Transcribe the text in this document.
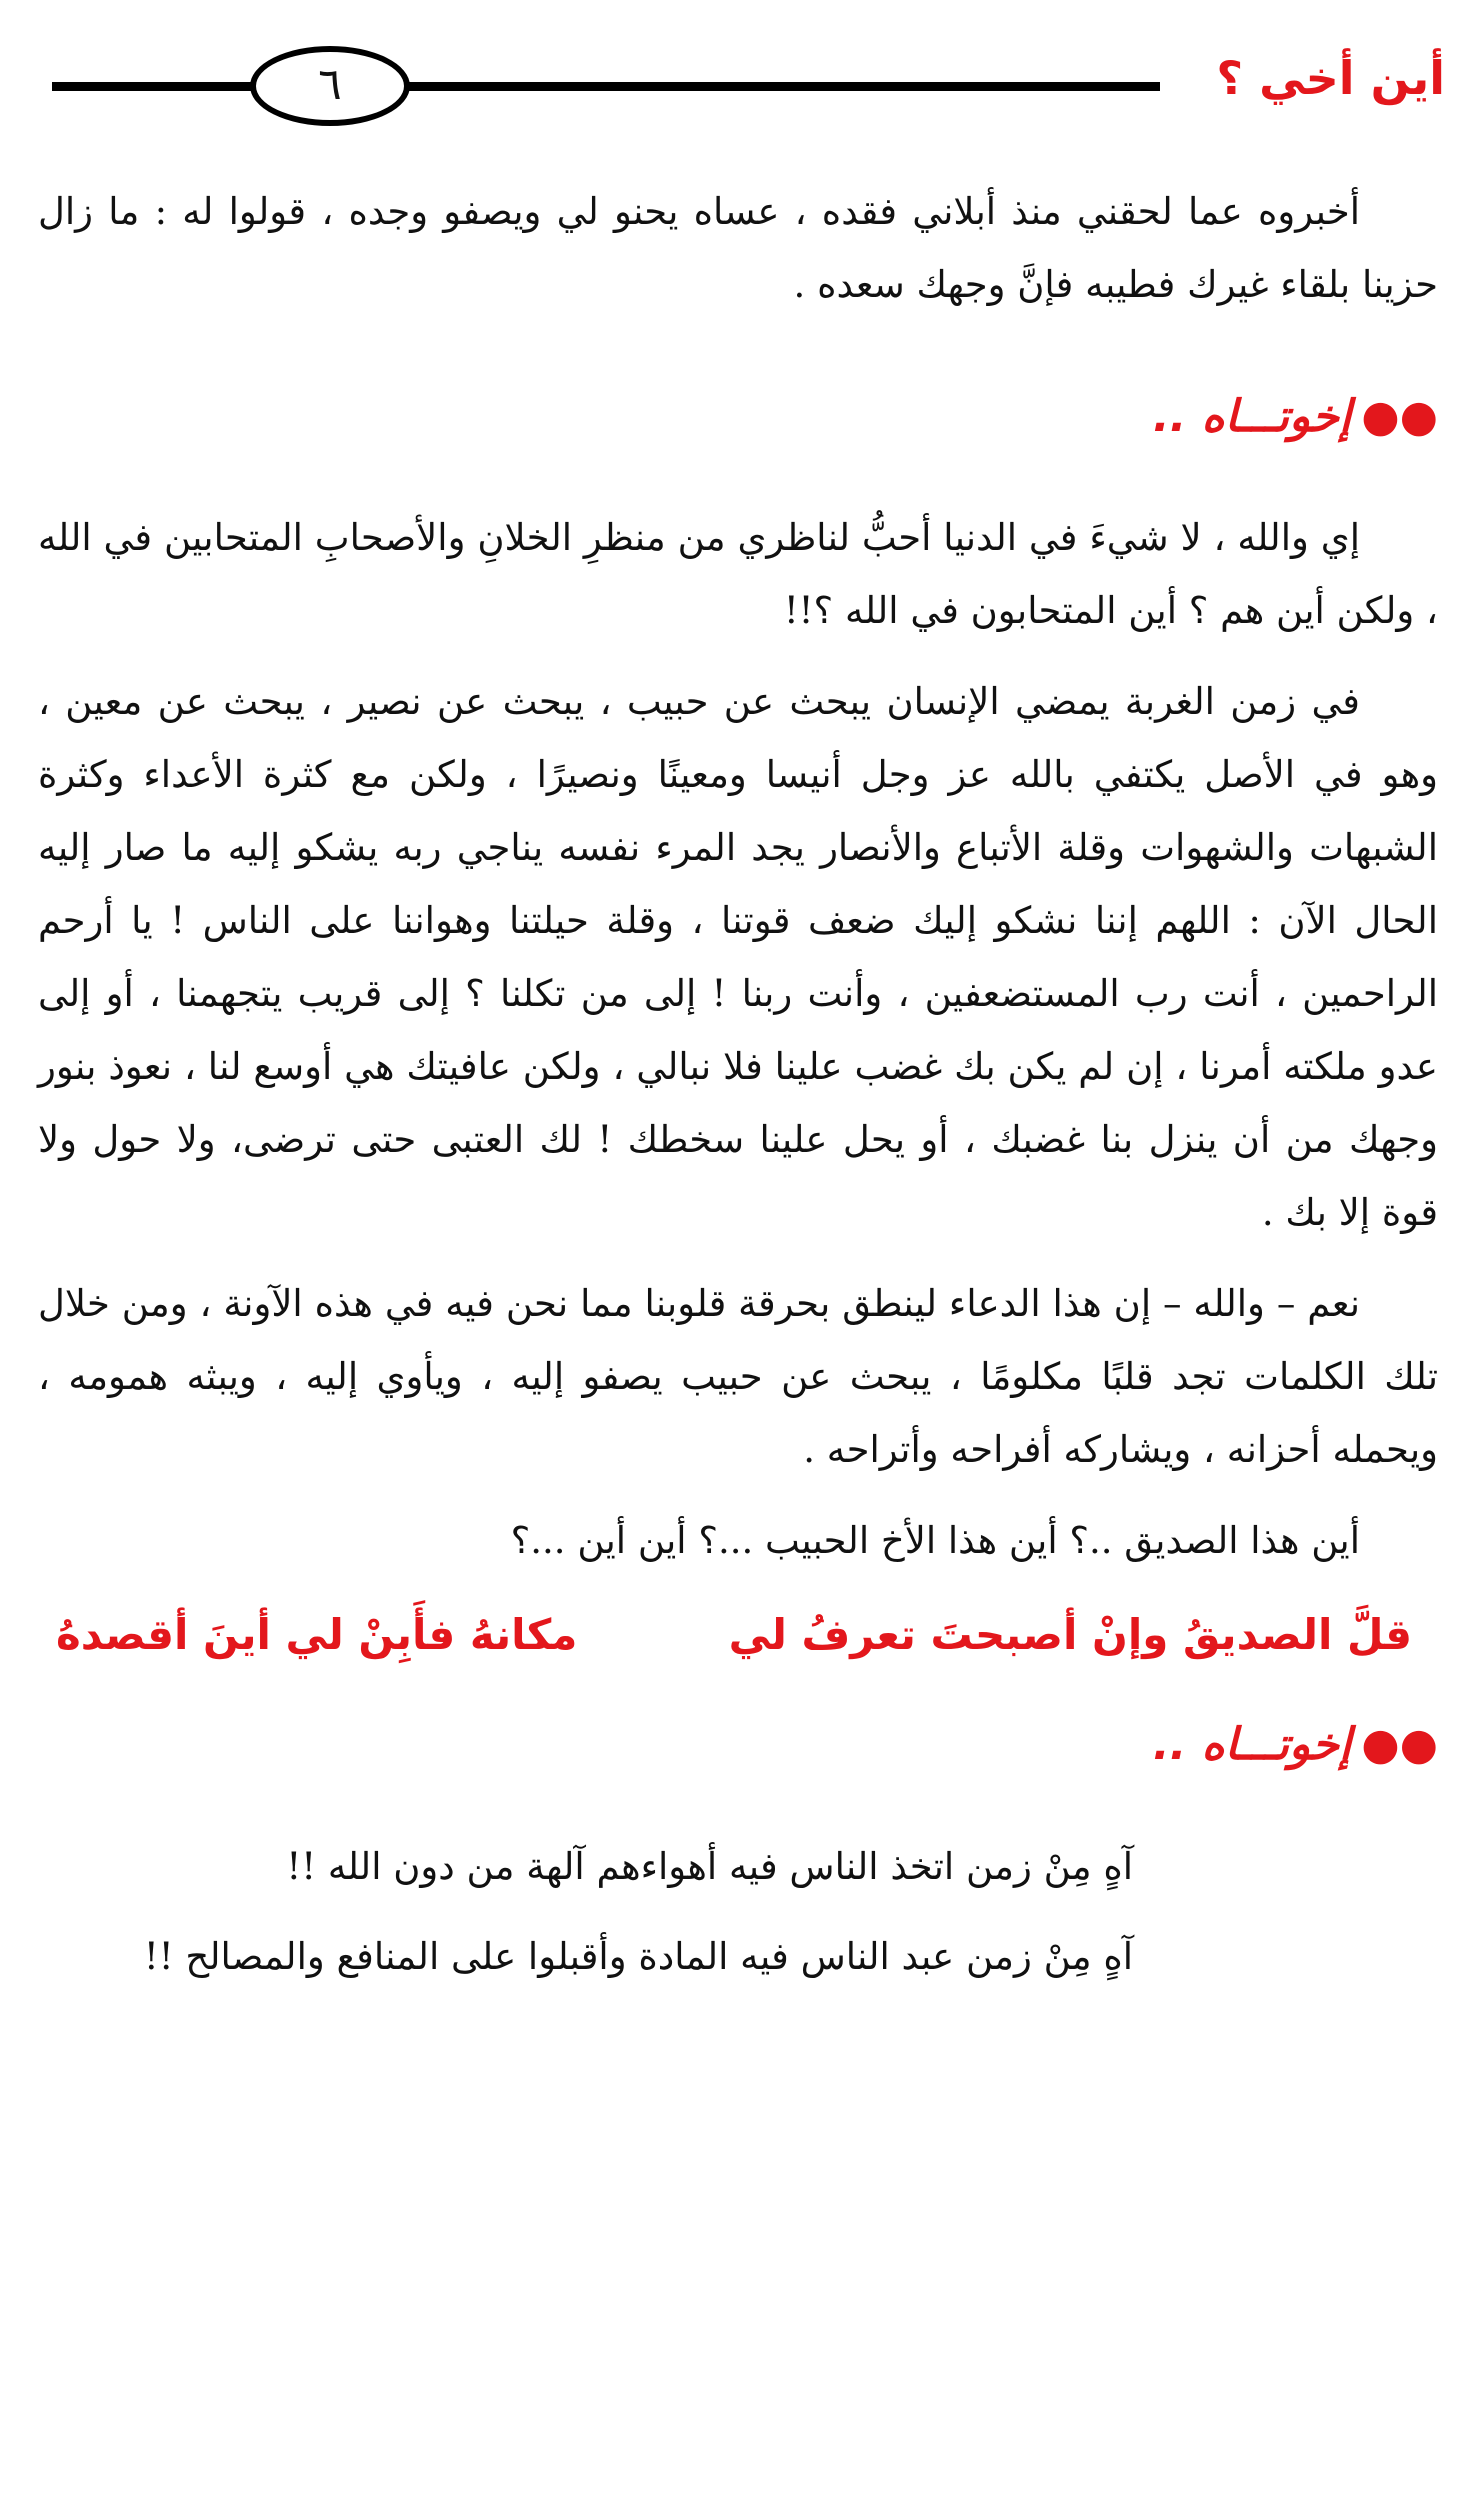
٦	أين أخي ؟

أخبروه عما لحقني منذ أبلاني فقده ، عساه يحنو لي ويصفو وجده ، قولوا له : ما زال حزينا بلقاء غيرك فطيبه فإنَّ وجهك سعده .

●●إخوتـــاه ..

إي والله ، لا شيءَ في الدنيا أحبُّ لناظري من منظرِ الخلانِ والأصحابِ المتحابين في الله ، ولكن أين هم ؟ أين المتحابون في الله ؟!!

في زمن الغربة يمضي الإنسان يبحث عن حبيب ، يبحث عن نصير ، يبحث عن معين ، وهو في الأصل يكتفي بالله عز وجل أنيسا ومعينًا ونصيرًا ، ولكن مع كثرة الأعداء وكثرة الشبهات والشهوات وقلة الأتباع والأنصار يجد المرء نفسه يناجي ربه يشكو إليه ما صار إليه الحال الآن : اللهم إننا نشكو إليك ضعف قوتنا ، وقلة حيلتنا وهواننا على الناس ! يا أرحم الراحمين ، أنت رب المستضعفين ، وأنت ربنا ! إلى من تكلنا ؟ إلى قريب يتجهمنا ، أو إلى عدو ملكته أمرنا ، إن لم يكن بك غضب علينا فلا نبالي ، ولكن عافيتك هي أوسع لنا ، نعوذ بنور وجهك من أن ينزل بنا غضبك ، أو يحل علينا سخطك ! لك العتبى حتى ترضى، ولا حول ولا قوة إلا بك .

نعم – والله – إن هذا الدعاء لينطق بحرقة قلوبنا مما نحن فيه في هذه الآونة ، ومن خلال تلك الكلمات تجد قلبًا مكلومًا ، يبحث عن حبيب يصفو إليه ، ويأوي إليه ، ويبثه همومه ، ويحمله أحزانه ، ويشاركه أفراحه وأتراحه .

أين هذا الصديق ..؟ أين هذا الأخ الحبيب ...؟ أين أين ...؟

قلَّ الصديقُ وإنْ أصبحتَ تعرفُ لي
مكانهُ فأَبِنْ لي أينَ أقصدهُ
●●إخوتـــاه ..
آهٍ مِنْ زمن اتخذ الناس فيه أهواءهم آلهة من دون الله !!
آهٍ مِنْ زمن عبد الناس فيه المادة وأقبلوا على المنافع والمصالح !!
